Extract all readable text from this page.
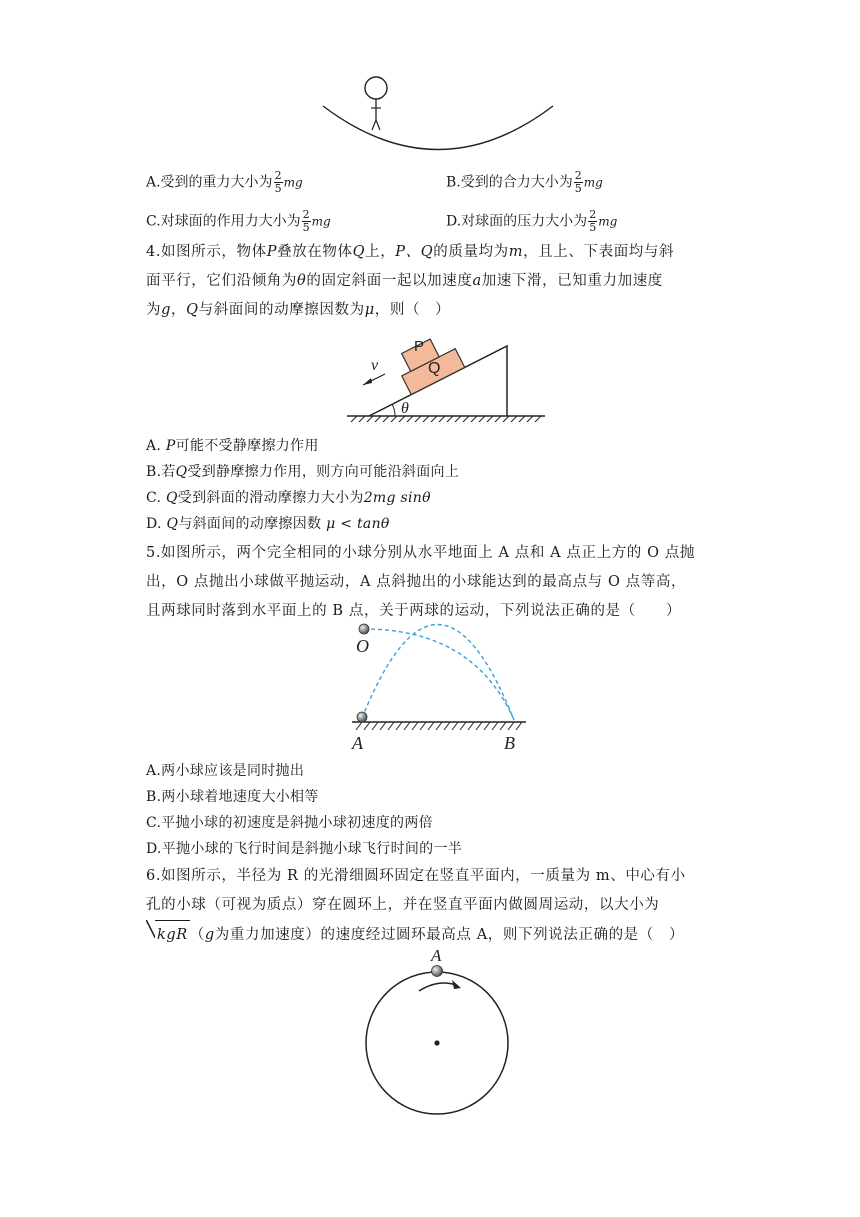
A.受到的重力大小为 $\frac{2}{5}$ mg	B.受到的合力大小为 $\frac{2}{5}$ mg
C.对球面的作用力大小为 $\frac{2}{5}$ mg	D.对球面的压力大小为 $\frac{2}{5}$ mg

4.如图所示，物体P叠放在物体Q上，P、Q的质量均为m，且上、下表面均与斜

面平行，它们沿倾角为θ的固定斜面一起以加速度a加速下滑，已知重力加速度

为g，Q与斜面间的动摩擦因数为μ，则（　）

Q
P
v
θ
A. P可能不受静摩擦力作用
B.若Q受到静摩擦力作用，则方向可能沿斜面向上
C. Q受到斜面的滑动摩擦力大小为2mg sinθ
D. Q与斜面间的动摩擦因数 μ < tanθ

5.如图所示，两个完全相同的小球分别从水平地面上 A 点和 A 点正上方的 O 点抛

出，O 点抛出小球做平抛运动，A 点斜抛出的小球能达到的最高点与 O 点等高，

且两球同时落到水平面上的 B 点，关于两球的运动，下列说法正确的是（　　）

O
A	B
A.两小球应该是同时抛出
B.两小球着地速度大小相等
C.平抛小球的初速度是斜抛小球初速度的两倍
D.平抛小球的飞行时间是斜抛小球飞行时间的一半

6.如图所示，半径为 R 的光滑细圆环固定在竖直平面内，一质量为 m、中心有小

孔的小球（可视为质点）穿在圆环上，并在竖直平面内做圆周运动，以大小为

kgR （g为重力加速度）的速度经过圆环最高点 A，则下列说法正确的是（　）

A
